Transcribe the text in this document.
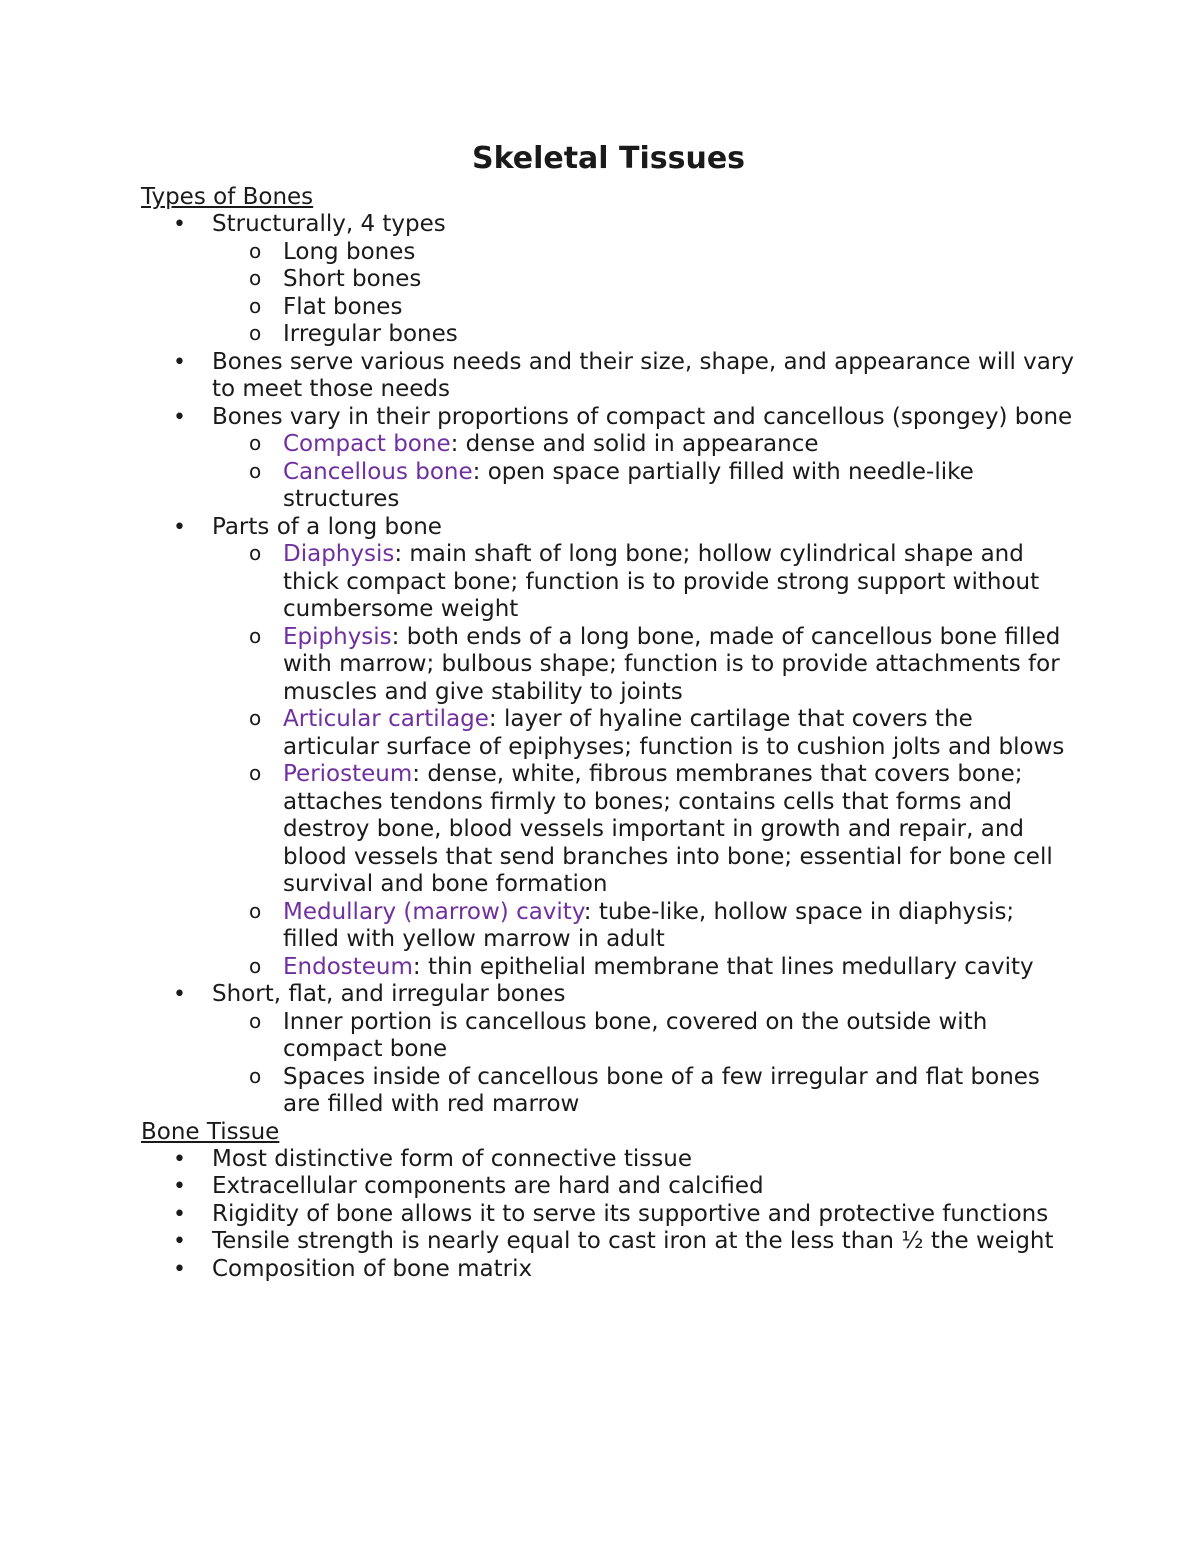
Skeletal Tissues
Types of Bones
• Structurally, 4 types
o Long bones
o Short bones
o Flat bones
o Irregular bones
• Bones serve various needs and their size, shape, and appearance will vary to meet those needs
• Bones vary in their proportions of compact and cancellous (spongey) bone
o Compact bone: dense and solid in appearance
o Cancellous bone: open space partially filled with needle-like structures
• Parts of a long bone
o Diaphysis: main shaft of long bone; hollow cylindrical shape and thick compact bone; function is to provide strong support without cumbersome weight
o Epiphysis: both ends of a long bone, made of cancellous bone filled with marrow; bulbous shape; function is to provide attachments for muscles and give stability to joints
o Articular cartilage: layer of hyaline cartilage that covers the articular surface of epiphyses; function is to cushion jolts and blows
o Periosteum: dense, white, fibrous membranes that covers bone; attaches tendons firmly to bones; contains cells that forms and destroy bone, blood vessels important in growth and repair, and blood vessels that send branches into bone; essential for bone cell survival and bone formation
o Medullary (marrow) cavity: tube-like, hollow space in diaphysis; filled with yellow marrow in adult
o Endosteum: thin epithelial membrane that lines medullary cavity
• Short, flat, and irregular bones
o Inner portion is cancellous bone, covered on the outside with compact bone
o Spaces inside of cancellous bone of a few irregular and flat bones are filled with red marrow
Bone Tissue
• Most distinctive form of connective tissue
• Extracellular components are hard and calcified
• Rigidity of bone allows it to serve its supportive and protective functions
• Tensile strength is nearly equal to cast iron at the less than ½ the weight
• Composition of bone matrix
